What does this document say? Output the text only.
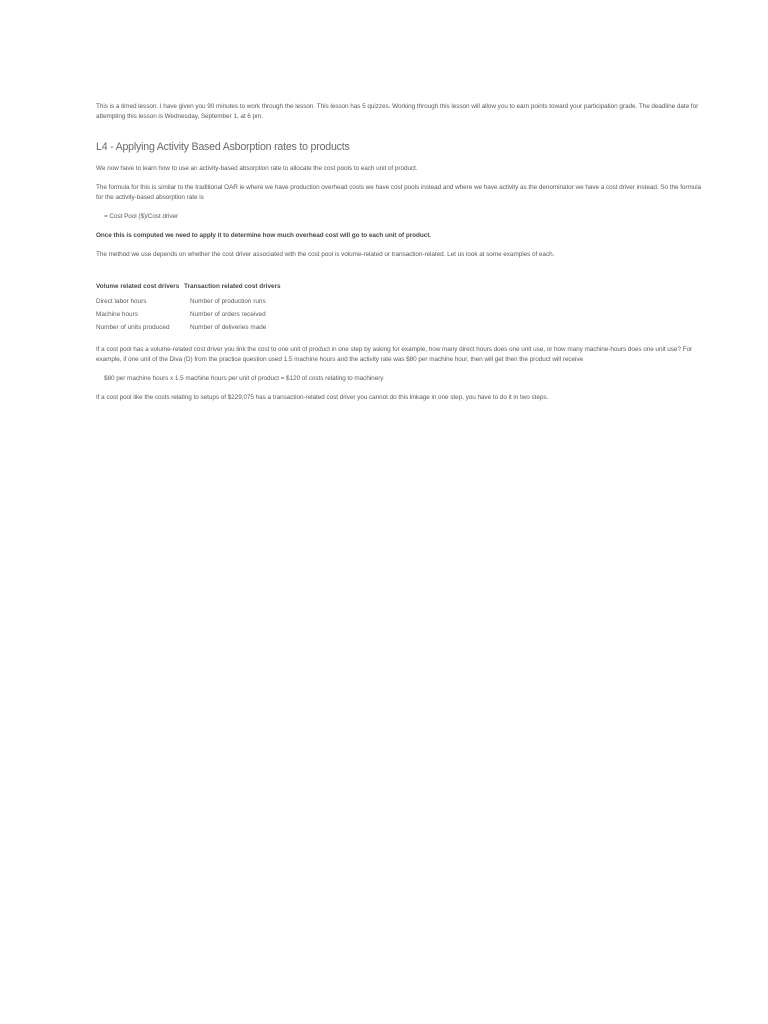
This is a timed lesson. I have given you 90 minutes to work through the lesson. This lesson has 5 quizzes. Working through this lesson will allow you to earn points toward your participation grade. The deadline date for attempting this lesson is Wednesday, September 1, at 6 pm.

L4 - Applying Activity Based Asborption rates to products

We now have to learn how to use an activity-based absorption rate to allocate the cost pools to each unit of product.

The formula for this is similar to the traditional OAR ie where we have production overhead costs we have cost pools instead and where we have activity as the denominator we have a cost driver instead. So the formula for the activity-based absorption rate is

= Cost Pool ($)/Cost driver

Once this is computed we need to apply it to determine how much overhead cost will go to each unit of product.

The method we use depends on whether the cost driver associated with the cost pool is volume-related or transaction-related. Let us look at some examples of each.

Volume related cost drivers	Transaction related cost drivers
Direct labor hours	Number of production runs
Machine hours	Number of orders received
Number of units produced	Number of deliveries made

If a cost pool has a volume-related cost driver you link the cost to one unit of product in one step by asking for example, how many direct hours does one unit use, or how many machine-hours does one unit use? For example, if one unit of the Diva (D) from the practice question used 1.5 machine hours and the activity rate was $80 per machine hour, then will get then the product will receive

$80 per machine hours x 1.5 machine hours per unit of product = $120 of costs relating to machinery

If a cost pool like the costs relating to setups of $229,075 has a transaction-related cost driver you cannot do this linkage in one step, you have to do it in two steps.
